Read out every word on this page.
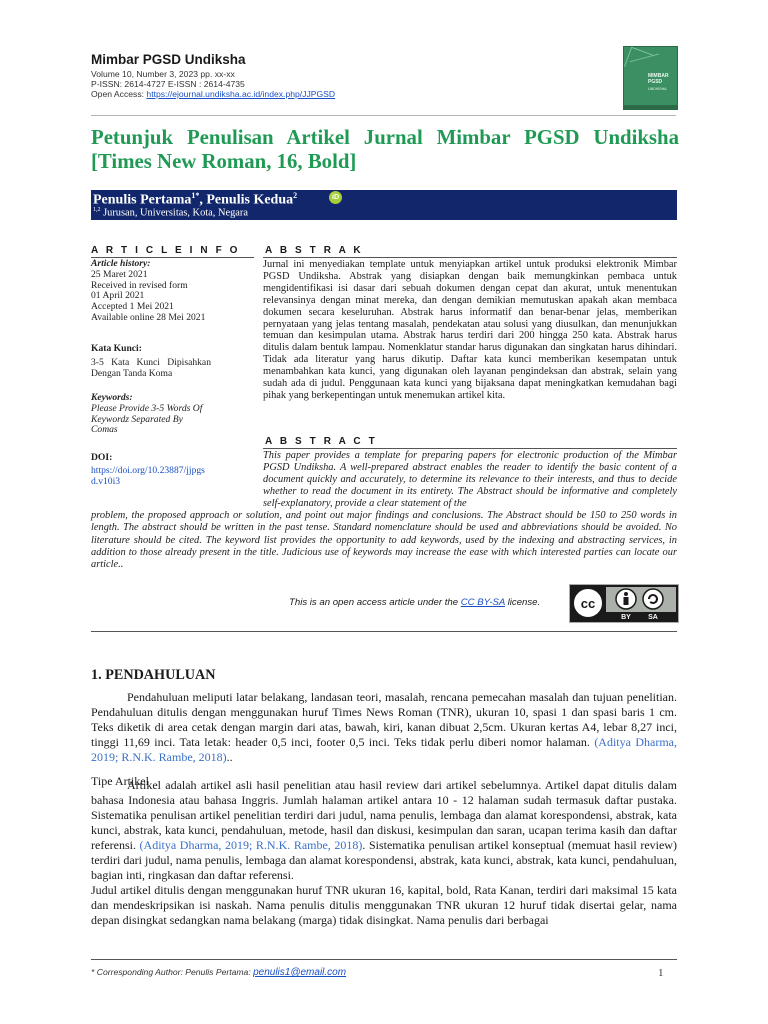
Mimbar PGSD Undiksha
Volume 10, Number 3, 2023 pp. xx-xx
P-ISSN: 2614-4727 E-ISSN : 2614-4735
Open Access: https://ejournal.undiksha.ac.id/index.php/JJPGSD
MIMBAR PGSD
UNDIKSHA
Petunjuk Penulisan Artikel Jurnal Mimbar PGSD Undiksha
[Times New Roman, 16, Bold]
Penulis Pertama$^{1*}$, Penulis Kedua$^2$	iD
$^{1,2}$ Jurusan, Universitas, Kota, Negara
A R T I C L E I N F O
Article history:
25 Maret 2021
Received in revised form
01 April 2021
Accepted 1 Mei 2021
Available online 28 Mei 2021
Kata Kunci:
3-5 Kata Kunci Dipisahkan
Dengan Tanda Koma
Keywords:
Please Provide 3-5 Words Of
Keywordz Separated By
Comas
DOI:
https://doi.org/10.23887/jjpgs
d.v10i3
A B S T R A K
Jurnal ini menyediakan template untuk menyiapkan artikel untuk produksi elektronik Mimbar PGSD Undiksha. Abstrak yang disiapkan dengan baik memungkinkan pembaca untuk mengidentifikasi isi dasar dari sebuah dokumen dengan cepat dan akurat, untuk menentukan relevansinya dengan minat mereka, dan dengan demikian memutuskan apakah akan membaca dokumen secara keseluruhan. Abstrak harus informatif dan benar-benar jelas, memberikan pernyataan yang jelas tentang masalah, pendekatan atau solusi yang diusulkan, dan menunjukkan temuan dan kesimpulan utama. Abstrak harus terdiri dari 200 hingga 250 kata. Abstrak harus ditulis dalam bentuk lampau. Nomenklatur standar harus digunakan dan singkatan harus dihindari. Tidak ada literatur yang harus dikutip. Daftar kata kunci memberikan kesempatan untuk menambahkan kata kunci, yang digunakan oleh layanan pengindeksan dan abstrak, selain yang sudah ada di judul. Penggunaan kata kunci yang bijaksana dapat meningkatkan kemudahan bagi pihak yang berkepentingan untuk menemukan artikel kita.
A B S T R A C T
This paper provides a template for preparing papers for electronic production of the Mimbar PGSD Undiksha. A well-prepared abstract enables the reader to identify the basic content of a document quickly and accurately, to determine its relevance to their interests, and thus to decide whether to read the document in its entirety. The Abstract should be informative and completely self-explanatory, provide a clear statement of the
problem, the proposed approach or solution, and point out major findings and conclusions. The Abstract should be 150 to 250 words in length. The abstract should be written in the past tense. Standard nomenclature should be used and abbreviations should be avoided. No literature should be cited. The keyword list provides the opportunity to add keywords, used by the indexing and abstracting services, in addition to those already present in the title. Judicious use of keywords may increase the ease with which interested parties can locate our article..
This is an open access article under the CC BY-SA license.	cc
BY SA
1. PENDAHULUAN
Pendahuluan meliputi latar belakang, landasan teori, masalah, rencana pemecahan masalah dan tujuan penelitian. Pendahuluan ditulis dengan menggunakan huruf Times News Roman (TNR), ukuran 10, spasi 1 dan spasi baris 1 cm. Teks diketik di area cetak dengan margin dari atas, bawah, kiri, kanan dibuat 2,5cm. Ukuran kertas A4, lebar 8,27 inci, tinggi 11,69 inci. Tata letak: header 0,5 inci, footer 0,5 inci. Teks tidak perlu diberi nomor halaman. (Aditya Dharma, 2019; R.N.K. Rambe, 2018)..
Tipe Artikel
Artikel adalah artikel asli hasil penelitian atau hasil review dari artikel sebelumnya. Artikel dapat ditulis dalam bahasa Indonesia atau bahasa Inggris. Jumlah halaman artikel antara 10 - 12 halaman sudah termasuk daftar pustaka. Sistematika penulisan artikel penelitian terdiri dari judul, nama penulis, lembaga dan alamat korespondensi, abstrak, kata kunci, abstrak, kata kunci, pendahuluan, metode, hasil dan diskusi, kesimpulan dan saran, ucapan terima kasih dan daftar referensi. (Aditya Dharma, 2019; R.N.K. Rambe, 2018). Sistematika penulisan artikel konseptual (memuat hasil review) terdiri dari judul, nama penulis, lembaga dan alamat korespondensi, abstrak, kata kunci, abstrak, kata kunci, pendahuluan, bagian inti, ringkasan dan daftar referensi.
Judul artikel ditulis dengan menggunakan huruf TNR ukuran 16, kapital, bold, Rata Kanan, terdiri dari maksimal 15 kata dan mendeskripsikan isi naskah. Nama penulis ditulis menggunakan TNR ukuran 12 huruf tidak disertai gelar, nama depan disingkat sedangkan nama belakang (marga) tidak disingkat. Nama penulis dari berbagai
* Corresponding Author: Penulis Pertama: penulis1@email.com	1
